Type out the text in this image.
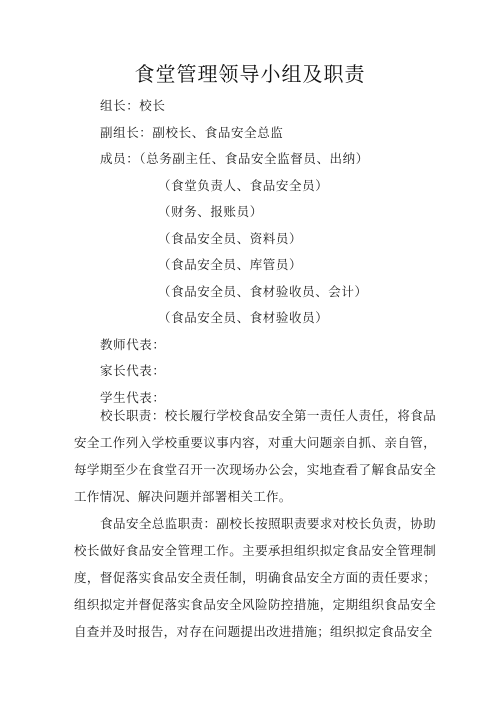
食堂管理领导小组及职责
组长：校长
副组长：副校长、食品安全总监
成员：（总务副主任、食品安全监督员、出纳）
（食堂负责人、食品安全员）
（财务、报账员）
（食品安全员、资料员）
（食品安全员、库管员）
（食品安全员、食材验收员、会计）
（食品安全员、食材验收员）
教师代表：
家长代表：
学生代表：
校长职责：校长履行学校食品安全第一责任人责任，将食品安全工作列入学校重要议事内容，对重大问题亲自抓、亲自管，每学期至少在食堂召开一次现场办公会，实地查看了解食品安全工作情况、解决问题并部署相关工作。
食品安全总监职责：副校长按照职责要求对校长负责，协助校长做好食品安全管理工作。主要承担组织拟定食品安全管理制度，督促落实食品安全责任制，明确食品安全方面的责任要求；组织拟定并督促落实食品安全风险防控措施，定期组织食品安全自查并及时报告，对存在问题提出改进措施；组织拟定食品安全
